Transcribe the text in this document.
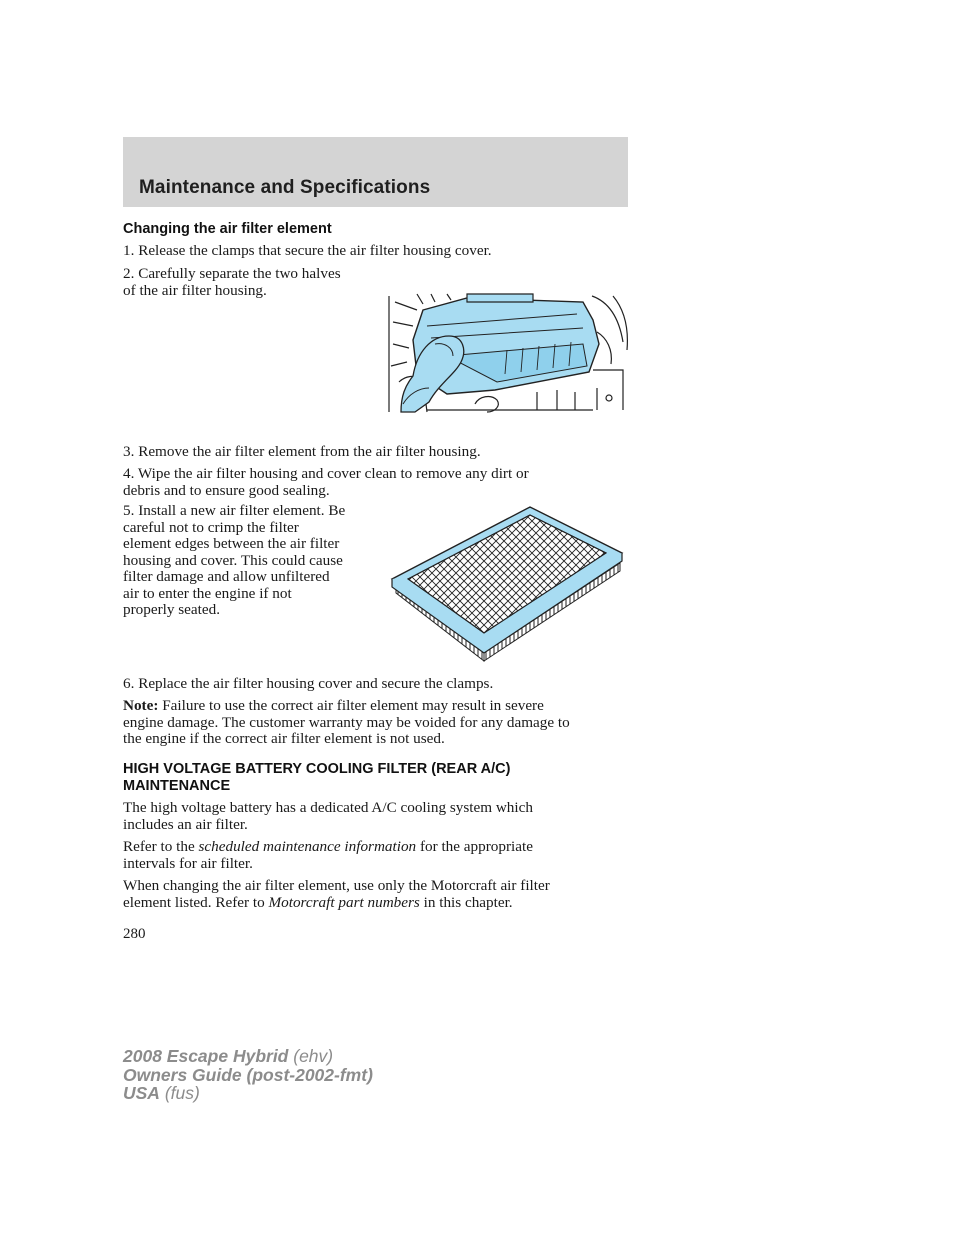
Maintenance and Specifications
Changing the air filter element
1. Release the clamps that secure the air filter housing cover.
2. Carefully separate the two halves
of the air filter housing.
3. Remove the air filter element from the air filter housing.
4. Wipe the air filter housing and cover clean to remove any dirt or
debris and to ensure good sealing.
5. Install a new air filter element. Be
careful not to crimp the filter
element edges between the air filter
housing and cover. This could cause
filter damage and allow unfiltered
air to enter the engine if not
properly seated.
6. Replace the air filter housing cover and secure the clamps.
Note: Failure to use the correct air filter element may result in severe
engine damage. The customer warranty may be voided for any damage to
the engine if the correct air filter element is not used.
HIGH VOLTAGE BATTERY COOLING FILTER (REAR A/C)
MAINTENANCE
The high voltage battery has a dedicated A/C cooling system which
includes an air filter.
Refer to the scheduled maintenance information for the appropriate
intervals for air filter.
When changing the air filter element, use only the Motorcraft air filter
element listed. Refer to Motorcraft part numbers in this chapter.
280
2008 Escape Hybrid (ehv)
Owners Guide (post-2002-fmt)
USA (fus)
